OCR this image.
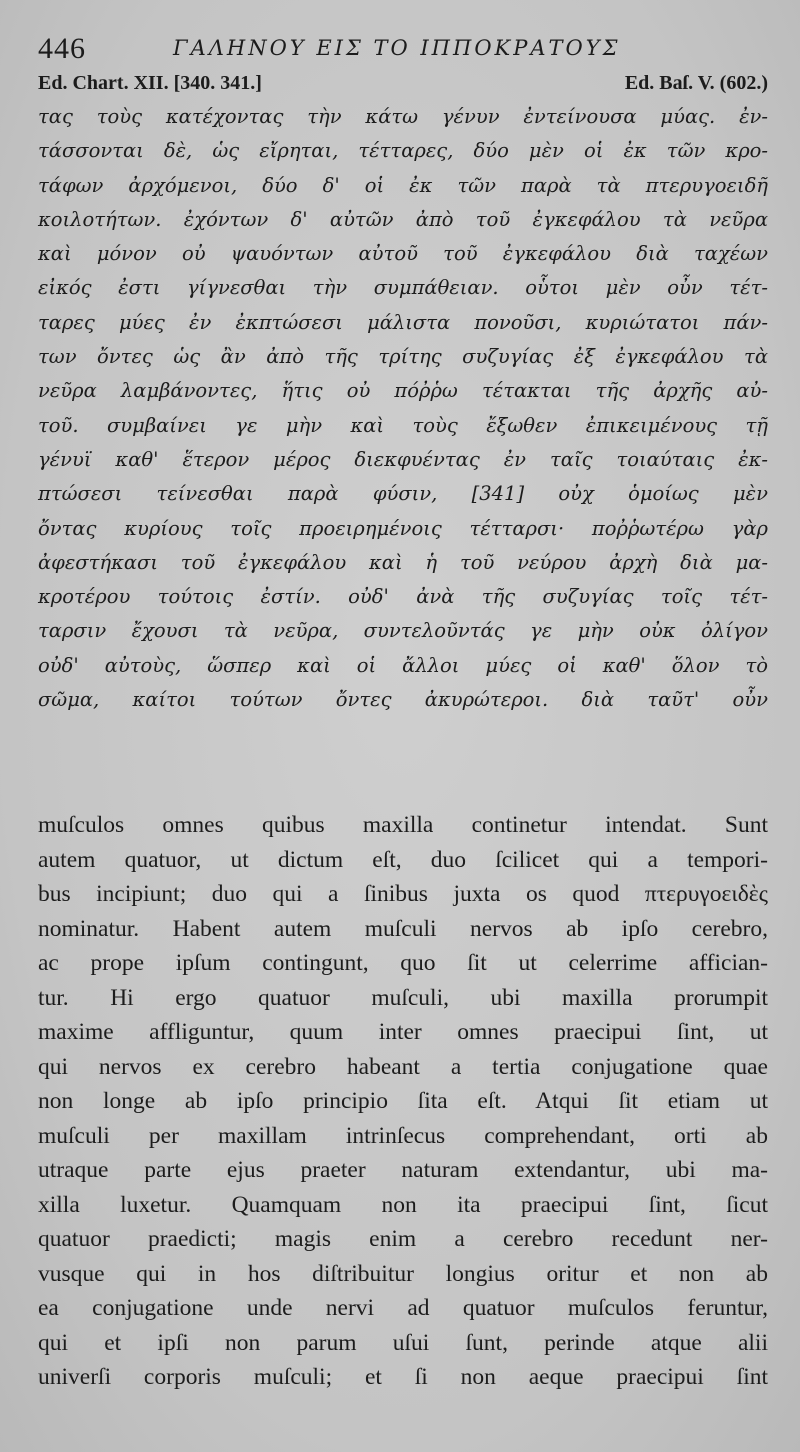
446	ΓΑΛΗΝΟΥ ΕΙΣ ΤΟ ΙΠΠΟΚΡΑΤΟΥΣ
Ed. Chart. XII. [340. 341.]	Ed. Baſ. V. (602.)
τας τοὺς κατέχοντας τὴν κάτω γένυν ἐντείνουσα μύας. ἐν-
τάσσονται δὲ, ὡς εἴρηται, τέτταρες, δύο μὲν οἱ ἐκ τῶν κρο-
τάφων ἀρχόμενοι, δύο δ' οἱ ἐκ τῶν παρὰ τὰ πτερυγοειδῆ
κοιλοτήτων. ἐχόντων δ' αὐτῶν ἀπὸ τοῦ ἐγκεφάλου τὰ νεῦρα
καὶ μόνον οὐ ψαυόντων αὐτοῦ τοῦ ἐγκεφάλου διὰ ταχέων
εἰκός ἐστι γίγνεσθαι τὴν συμπάθειαν. οὗτοι μὲν οὖν τέτ-
ταρες μύες ἐν ἐκπτώσεσι μάλιστα πονοῦσι, κυριώτατοι πάν-
των ὄντες ὡς ἂν ἀπὸ τῆς τρίτης συζυγίας ἐξ ἐγκεφάλου τὰ
νεῦρα λαμβάνοντες, ἥτις οὐ πόῤῥω τέτακται τῆς ἀρχῆς αὐ-
τοῦ. συμβαίνει γε μὴν καὶ τοὺς ἔξωθεν ἐπικειμένους τῇ
γένυϊ καθ' ἕτερον μέρος διεκφυέντας ἐν ταῖς τοιαύταις ἐκ-
πτώσεσι τείνεσθαι παρὰ φύσιν, [341] οὐχ ὁμοίως μὲν
ὄντας κυρίους τοῖς προειρημένοις τέτταρσι· ποῤῥωτέρω γὰρ
ἀφεστήκασι τοῦ ἐγκεφάλου καὶ ἡ τοῦ νεύρου ἀρχὴ διὰ μα-
κροτέρου τούτοις ἐστίν. οὐδ' ἀνὰ τῆς συζυγίας τοῖς τέτ-
ταρσιν ἔχουσι τὰ νεῦρα, συντελοῦντάς γε μὴν οὐκ ὀλίγον
οὐδ' αὐτοὺς, ὥσπερ καὶ οἱ ἄλλοι μύες οἱ καθ' ὅλον τὸ
σῶμα, καίτοι τούτων ὄντες ἀκυρώτεροι. διὰ ταῦτ' οὖν
muſculos omnes quibus maxilla continetur intendat. Sunt
autem quatuor, ut dictum eſt, duo ſcilicet qui a tempori-
bus incipiunt; duo qui a ſinibus juxta os quod πτερυγοειδὲς
nominatur. Habent autem muſculi nervos ab ipſo cerebro,
ac prope ipſum contingunt, quo ſit ut celerrime affician-
tur. Hi ergo quatuor muſculi, ubi maxilla prorumpit
maxime affliguntur, quum inter omnes praecipui ſint, ut
qui nervos ex cerebro habeant a tertia conjugatione quae
non longe ab ipſo principio ſita eſt. Atqui ſit etiam ut
muſculi per maxillam intrinſecus comprehendant, orti ab
utraque parte ejus praeter naturam extendantur, ubi ma-
xilla luxetur. Quamquam non ita praecipui ſint, ſicut
quatuor praedicti; magis enim a cerebro recedunt ner-
vusque qui in hos diſtribuitur longius oritur et non ab
ea conjugatione unde nervi ad quatuor muſculos feruntur,
qui et ipſi non parum uſui ſunt, perinde atque alii
univerſi corporis muſculi; et ſi non aeque praecipui ſint
